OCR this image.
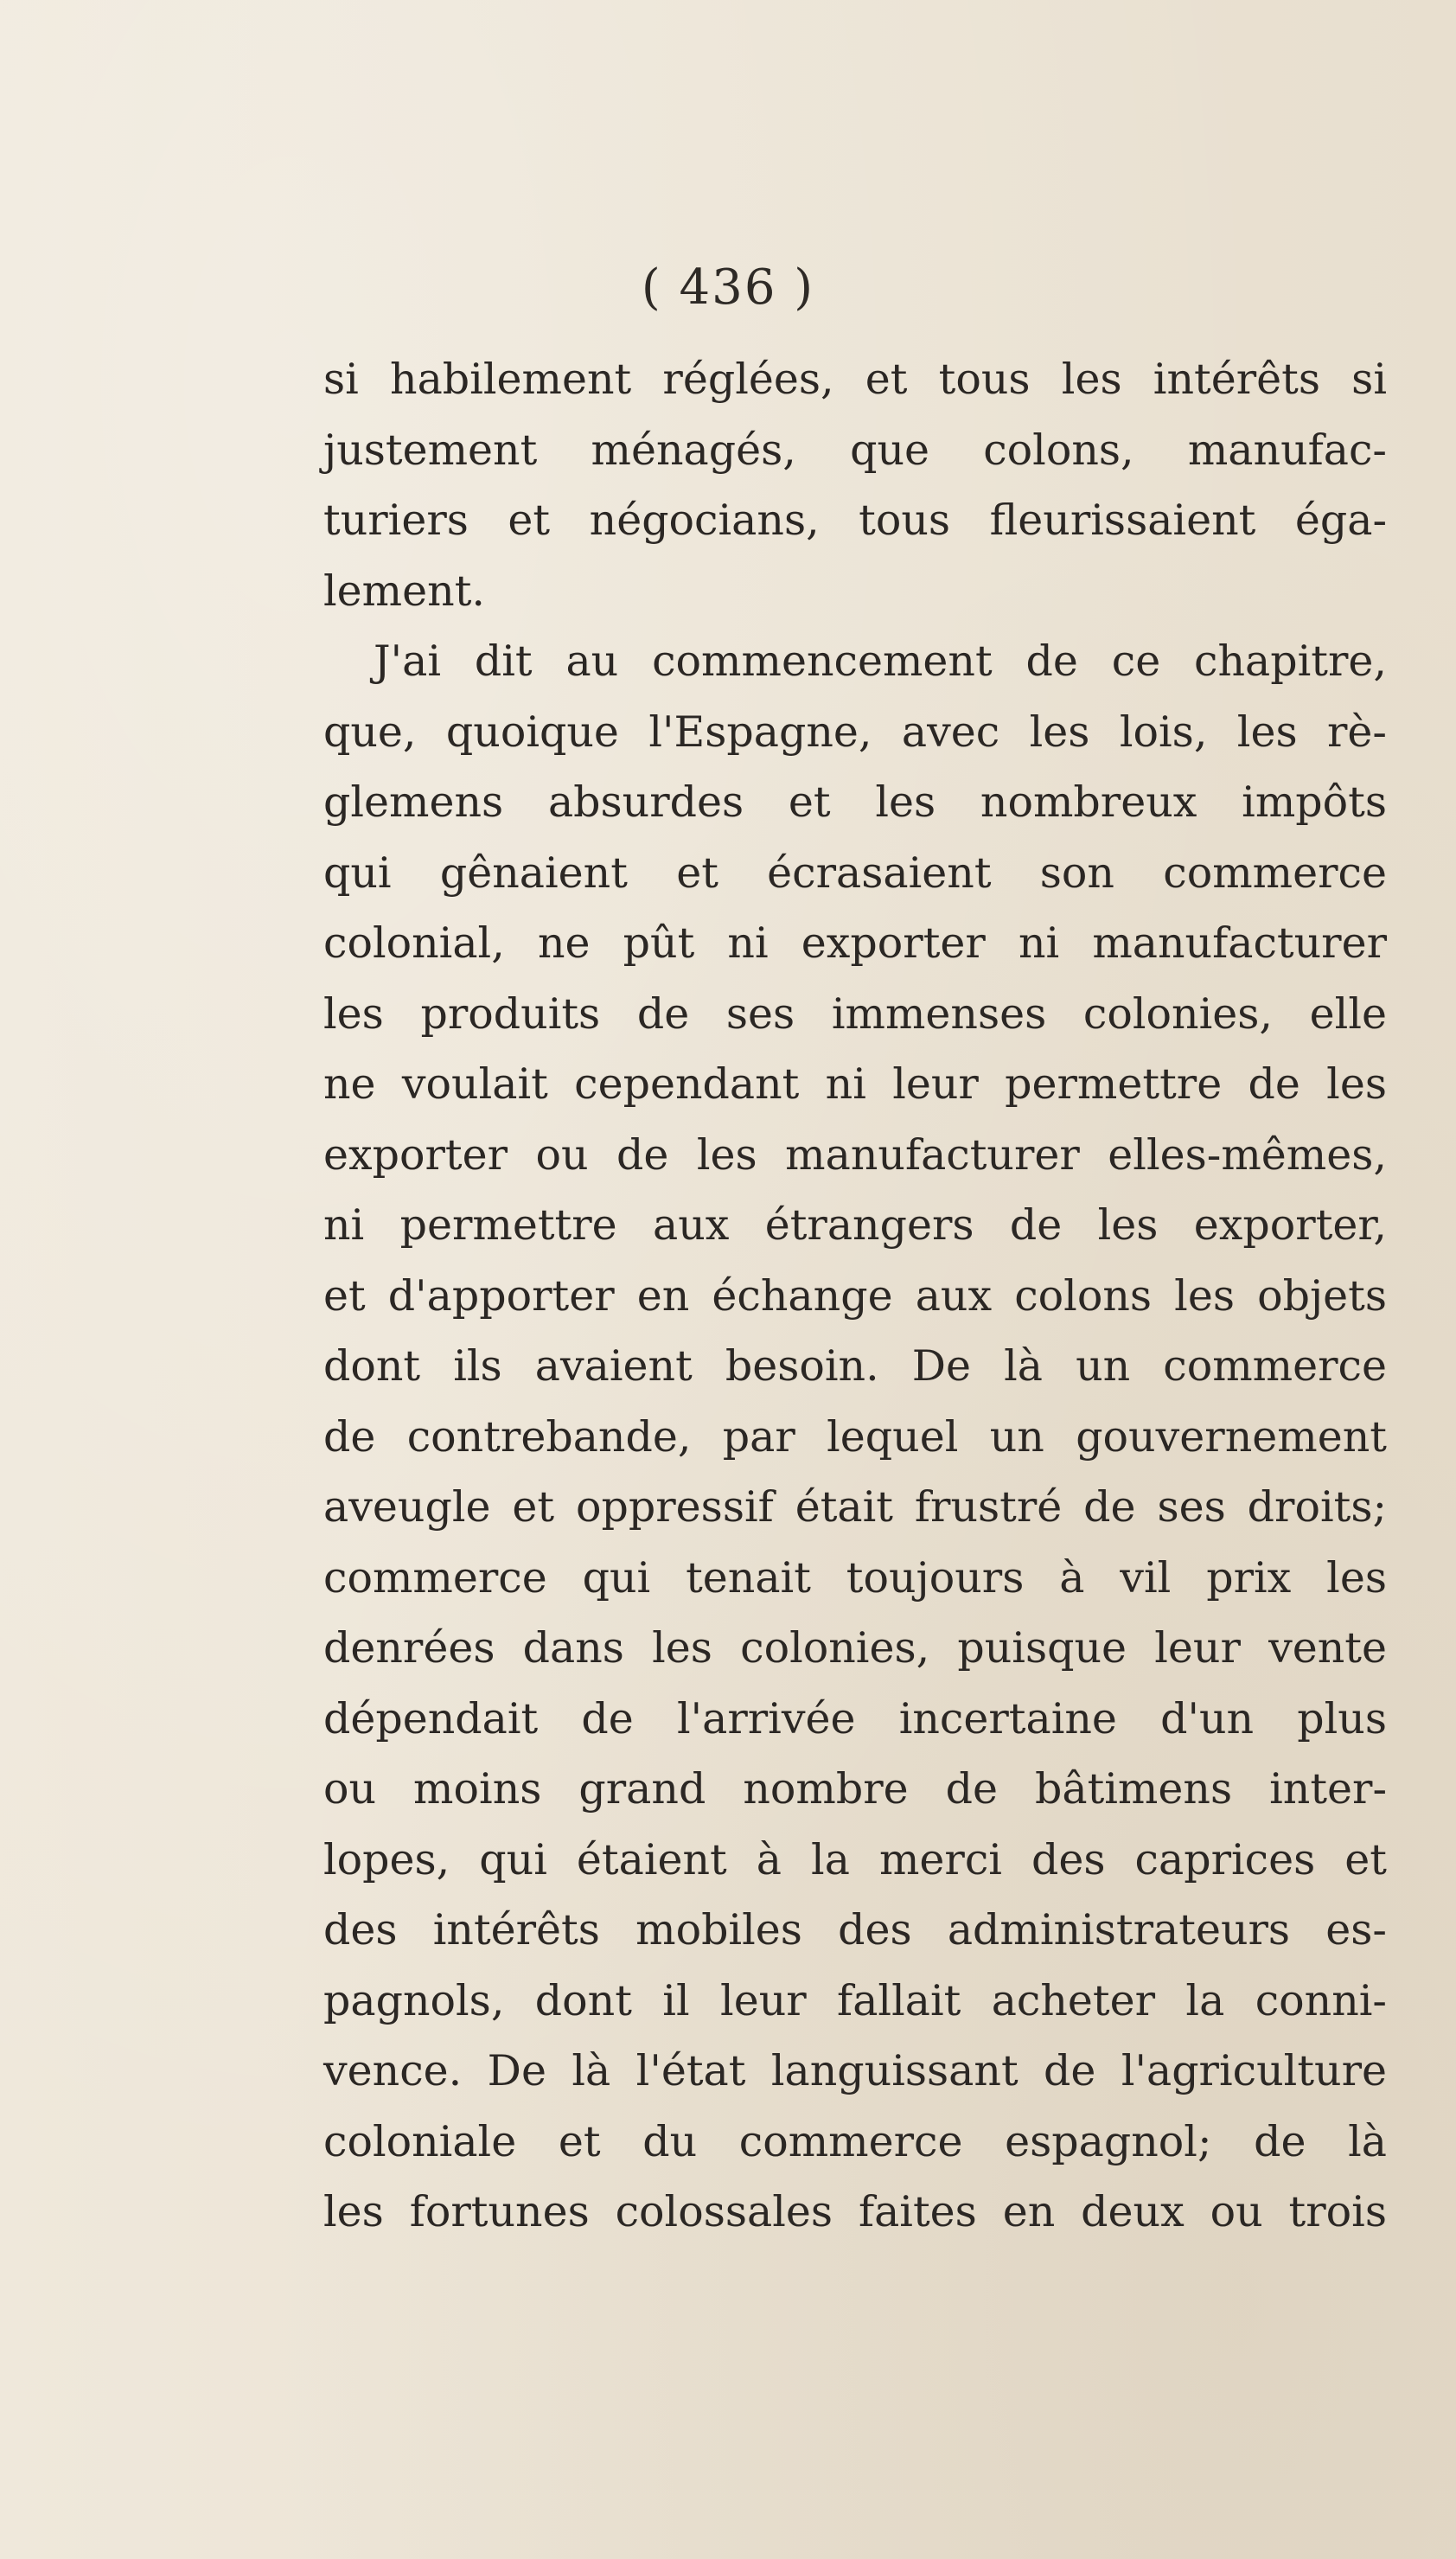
( 436 )
si habilement réglées, et tous les intérêts si
justement ménagés, que colons, manufac-
turiers et négocians, tous fleurissaient éga-
lement.
J'ai dit au commencement de ce chapitre,
que, quoique l'Espagne, avec les lois, les rè-
glemens absurdes et les nombreux impôts
qui gênaient et écrasaient son commerce
colonial, ne pût ni exporter ni manufacturer
les produits de ses immenses colonies, elle
ne voulait cependant ni leur permettre de les
exporter ou de les manufacturer elles-mêmes,
ni permettre aux étrangers de les exporter,
et d'apporter en échange aux colons les objets
dont ils avaient besoin. De là un commerce
de contrebande, par lequel un gouvernement
aveugle et oppressif était frustré de ses droits;
commerce qui tenait toujours à vil prix les
denrées dans les colonies, puisque leur vente
dépendait de l'arrivée incertaine d'un plus
ou moins grand nombre de bâtimens inter-
lopes, qui étaient à la merci des caprices et
des intérêts mobiles des administrateurs es-
pagnols, dont il leur fallait acheter la conni-
vence. De là l'état languissant de l'agriculture
coloniale et du commerce espagnol; de là
les fortunes colossales faites en deux ou trois
